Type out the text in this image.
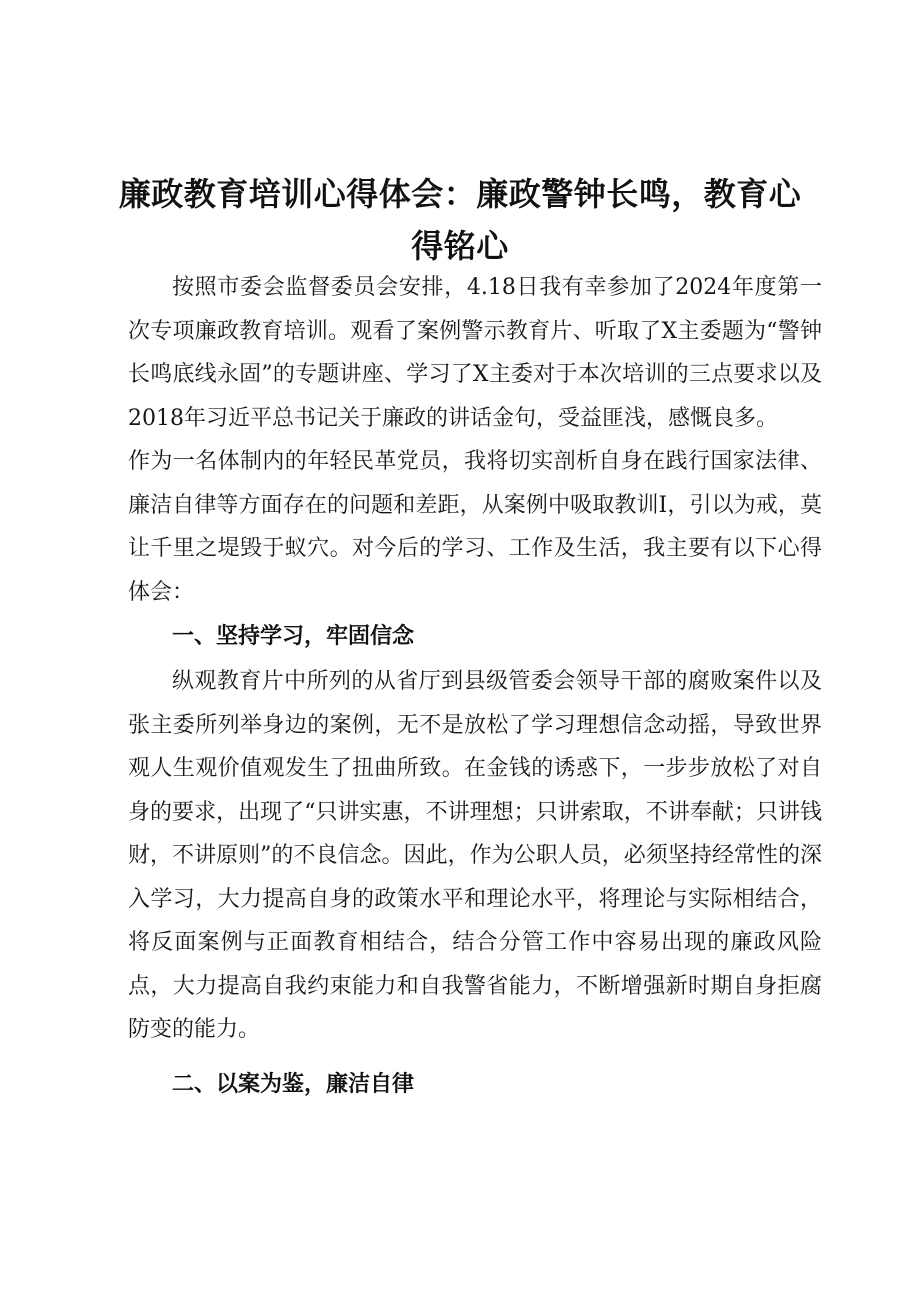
廉政教育培训心得体会：廉政警钟长鸣，教育心得铭心

按照市委会监督委员会安排，4.18日我有幸参加了2024年度第一次专项廉政教育培训。观看了案例警示教育片、听取了X主委题为“警钟长鸣底线永固”的专题讲座、学习了X主委对于本次培训的三点要求以及2018年习近平总书记关于廉政的讲话金句，受益匪浅，感慨良多。

作为一名体制内的年轻民革党员，我将切实剖析自身在践行国家法律、廉洁自律等方面存在的问题和差距，从案例中吸取教训I，引以为戒，莫让千里之堤毁于蚁穴。对今后的学习、工作及生活，我主要有以下心得体会：

一、坚持学习，牢固信念

纵观教育片中所列的从省厅到县级管委会领导干部的腐败案件以及张主委所列举身边的案例，无不是放松了学习理想信念动摇，导致世界观人生观价值观发生了扭曲所致。在金钱的诱惑下，一步步放松了对自身的要求，出现了“只讲实惠，不讲理想；只讲索取，不讲奉献；只讲钱财，不讲原则”的不良信念。因此，作为公职人员，必须坚持经常性的深入学习，大力提高自身的政策水平和理论水平，将理论与实际相结合，将反面案例与正面教育相结合，结合分管工作中容易出现的廉政风险点，大力提高自我约束能力和自我警省能力，不断增强新时期自身拒腐防变的能力。

二、以案为鉴，廉洁自律
